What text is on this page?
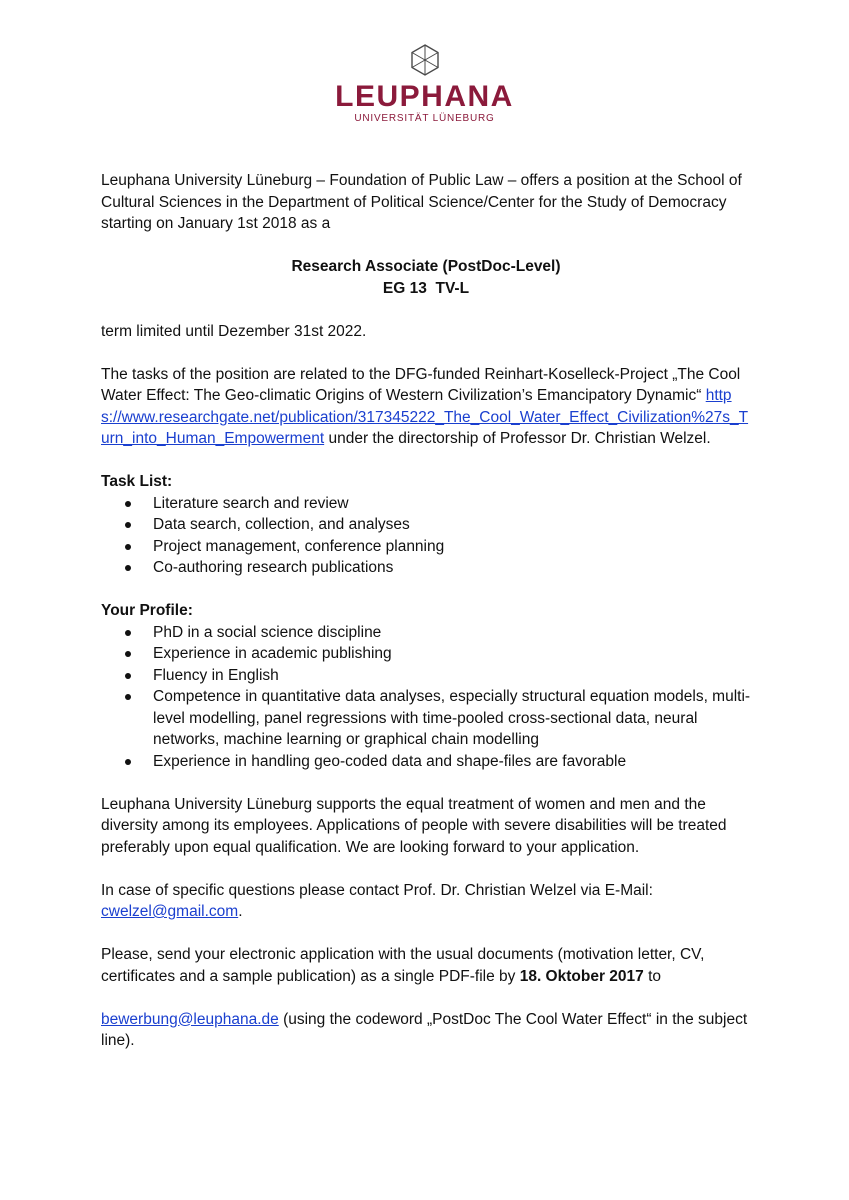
LEUPHANA
UNIVERSITÄT LÜNEBURG

Leuphana University Lüneburg – Foundation of Public Law – offers a position at the School of Cultural Sciences in the Department of Political Science/Center for the Study of Democracy starting on January 1st 2018 as a

Research Associate (PostDoc-Level)

EG 13  TV-L

term limited until Dezember 31st 2022.

The tasks of the position are related to the DFG-funded Reinhart-Koselleck-Project „The Cool Water Effect: The Geo-climatic Origins of Western Civilization’s Emancipatory Dynamic“ https://www.researchgate.net/publication/317345222_The_Cool_Water_Effect_Civilization%27s_Turn_into_Human_Empowerment under the directorship of Professor Dr. Christian Welzel.

Task List:

Literature search and review
Data search, collection, and analyses
Project management, conference planning
Co-authoring research publications

Your Profile:

PhD in a social science discipline
Experience in academic publishing
Fluency in English
Competence in quantitative data analyses, especially structural equation models, multi-level modelling, panel regressions with time-pooled cross-sectional data, neural networks, machine learning or graphical chain modelling
Experience in handling geo-coded data and shape-files are favorable

Leuphana University Lüneburg supports the equal treatment of women and men and the diversity among its employees. Applications of people with severe disabilities will be treated preferably upon equal qualification. We are looking forward to your application.

In case of specific questions please contact Prof. Dr. Christian Welzel via E-Mail:
cwelzel@gmail.com.

Please, send your electronic application with the usual documents (motivation letter, CV, certificates and a sample publication) as a single PDF-file by 18. Oktober 2017 to

bewerbung@leuphana.de (using the codeword „PostDoc The Cool Water Effect“ in the subject line).
